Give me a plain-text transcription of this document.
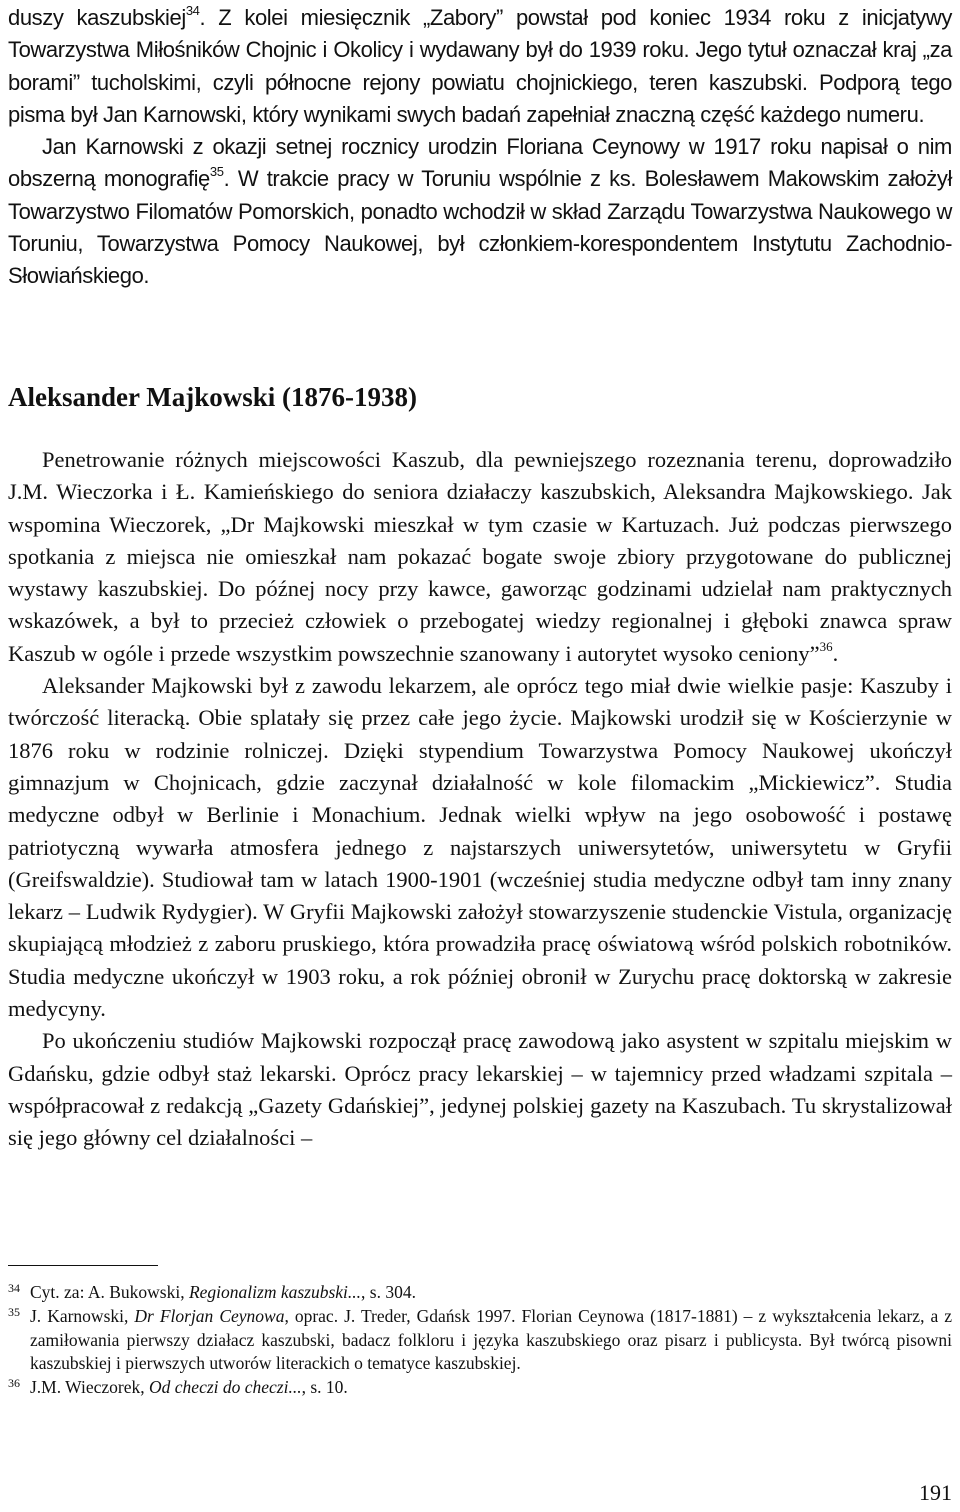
duszy kaszubskiej$^{34}$. Z kolei miesięcznik „Zabory” powstał pod koniec 1934 roku z inicjatywy Towarzystwa Miłośników Chojnic i Okolicy i wydawany był do 1939 roku. Jego tytuł oznaczał kraj „za borami” tucholskimi, czyli północne rejony powiatu chojnickiego, teren kaszubski. Podporą tego pisma był Jan Karnowski, który wynikami swych badań zapełniał znaczną część każdego numeru.

Jan Karnowski z okazji setnej rocznicy urodzin Floriana Ceynowy w 1917 roku napisał o nim obszerną monografię$^{35}$. W trakcie pracy w Toruniu wspólnie z ks. Bolesławem Makowskim założył Towarzystwo Filomatów Pomorskich, ponadto wchodził w skład Zarządu Towarzystwa Naukowego w Toruniu, Towarzystwa Pomocy Naukowej, był członkiem-korespondentem Instytutu Zachodnio-Słowiańskiego.

Aleksander Majkowski (1876-1938)

Penetrowanie różnych miejscowości Kaszub, dla pewniejszego rozeznania terenu, doprowadziło J.M. Wieczorka i Ł. Kamieńskiego do seniora działaczy kaszubskich, Aleksandra Majkowskiego. Jak wspomina Wieczorek, „Dr Majkowski mieszkał w tym czasie w Kartuzach. Już podczas pierwszego spotkania z miejsca nie omieszkał nam pokazać bogate swoje zbiory przygotowane do publicznej wystawy kaszubskiej. Do późnej nocy przy kawce, gaworząc godzinami udzielał nam praktycznych wskazówek, a był to przecież człowiek o przebogatej wiedzy regionalnej i głęboki znawca spraw Kaszub w ogóle i przede wszystkim powszechnie szanowany i autorytet wysoko ceniony”$^{36}$.

Aleksander Majkowski był z zawodu lekarzem, ale oprócz tego miał dwie wielkie pasje: Kaszuby i twórczość literacką. Obie splatały się przez całe jego życie. Majkowski urodził się w Kościerzynie w 1876 roku w rodzinie rolniczej. Dzięki stypendium Towarzystwa Pomocy Naukowej ukończył gimnazjum w Chojnicach, gdzie zaczynał działalność w kole filomackim „Mickiewicz”. Studia medyczne odbył w Berlinie i Monachium. Jednak wielki wpływ na jego osobowość i postawę patriotyczną wywarła atmosfera jednego z najstarszych uniwersytetów, uniwersytetu w Gryfii (Greifswaldzie). Studiował tam w latach 1900-1901 (wcześniej studia medyczne odbył tam inny znany lekarz – Ludwik Rydygier). W Gryfii Majkowski założył stowarzyszenie studenckie Vistula, organizację skupiającą młodzież z zaboru pruskiego, która prowadziła pracę oświatową wśród polskich robotników. Studia medyczne ukończył w 1903 roku, a rok później obronił w Zurychu pracę doktorską w zakresie medycyny.

Po ukończeniu studiów Majkowski rozpoczął pracę zawodową jako asystent w szpitalu miejskim w Gdańsku, gdzie odbył staż lekarski. Oprócz pracy lekarskiej – w tajemnicy przed władzami szpitala – współpracował z redakcją „Gazety Gdańskiej”, jedynej polskiej gazety na Kaszubach. Tu skrystalizował się jego główny cel działalności –

34 Cyt. za: A. Bukowski, Regionalizm kaszubski..., s. 304.
35 J. Karnowski, Dr Florjan Ceynowa, oprac. J. Treder, Gdańsk 1997. Florian Ceynowa (1817-1881) – z wykształcenia lekarz, a z zamiłowania pierwszy działacz kaszubski, badacz folkloru i języka kaszubskiego oraz pisarz i publicysta. Był twórcą pisowni kaszubskiej i pierwszych utworów literackich o tematyce kaszubskiej.
36 J.M. Wieczorek, Od checzi do checzi..., s. 10.
191
